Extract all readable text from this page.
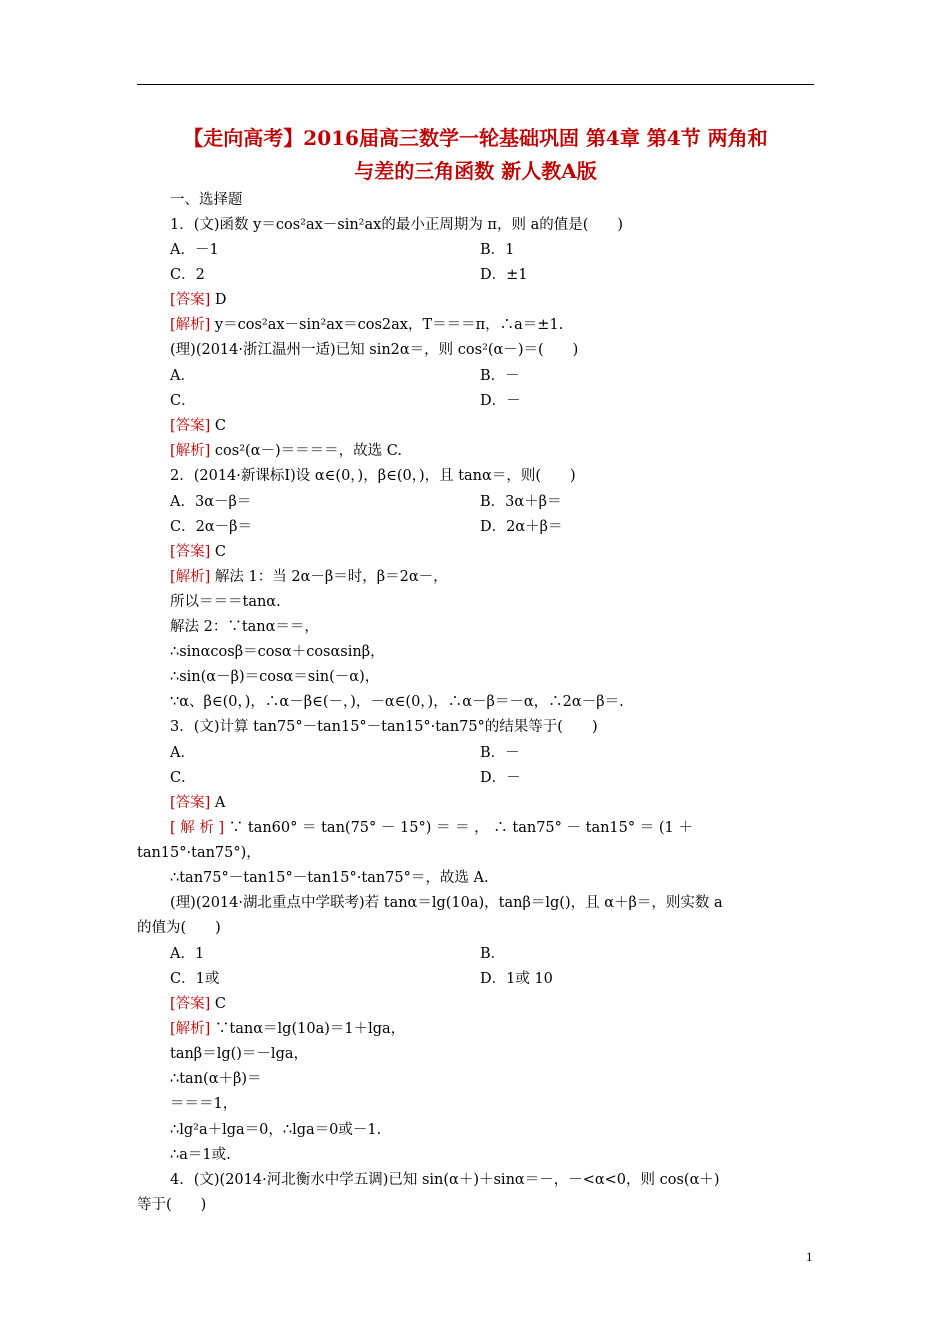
【走向高考】2016届高三数学一轮基础巩固 第4章 第4节 两角和
与差的三角函数 新人教A版
一、选择题
1．(文)函数 y＝cos²ax－sin²ax的最小正周期为 π，则 a的值是(　　)
A．－1	B．1
C．2	D．±1
[答案] D
[解析] y＝cos²ax－sin²ax＝cos2ax，T＝＝＝π，∴a＝±1.
(理)(2014·浙江温州一适)已知 sin2α＝，则 cos²(α－)＝(　　)
A．	B．－
C．	D．－
[答案] C
[解析] cos²(α－)＝＝＝＝，故选 C.
2．(2014·新课标Ⅰ)设 α∈(0，)，β∈(0，)，且 tanα＝，则(　　)
A．3α－β＝	B．3α＋β＝
C．2α－β＝	D．2α＋β＝
[答案] C
[解析] 解法 1：当 2α－β＝时，β＝2α－，
所以＝＝＝tanα.
解法 2：∵tanα＝＝，
∴sinαcosβ＝cosα＋cosαsinβ，
∴sin(α－β)＝cosα＝sin(－α)，
∵α、β∈(0，)，∴α－β∈(－，)，－α∈(0，)，∴α－β＝－α，∴2α－β＝.
3．(文)计算 tan75°－tan15°－tan15°·tan75°的结果等于(　　)
A．	B．－
C．	D．－
[答案] A
[ 解 析 ] ∵ tan60° ＝ tan(75° － 15°) ＝ ＝ ， ∴ tan75° － tan15° ＝ (1 ＋
tan15°·tan75°)，
∴tan75°－tan15°－tan15°·tan75°＝，故选 A.
(理)(2014·湖北重点中学联考)若 tanα＝lg(10a)，tanβ＝lg()，且 α＋β＝，则实数 a
的值为(　　)
A．1	B．
C．1或	D．1或 10
[答案] C
[解析] ∵tanα＝lg(10a)＝1＋lga，
tanβ＝lg()＝－lga，
∴tan(α＋β)＝
＝＝＝1，
∴lg²a＋lga＝0，∴lga＝0或－1.
∴a＝1或.
4．(文)(2014·河北衡水中学五调)已知 sin(α＋)＋sinα＝－，－<α<0，则 cos(α＋)
等于(　　)
1
